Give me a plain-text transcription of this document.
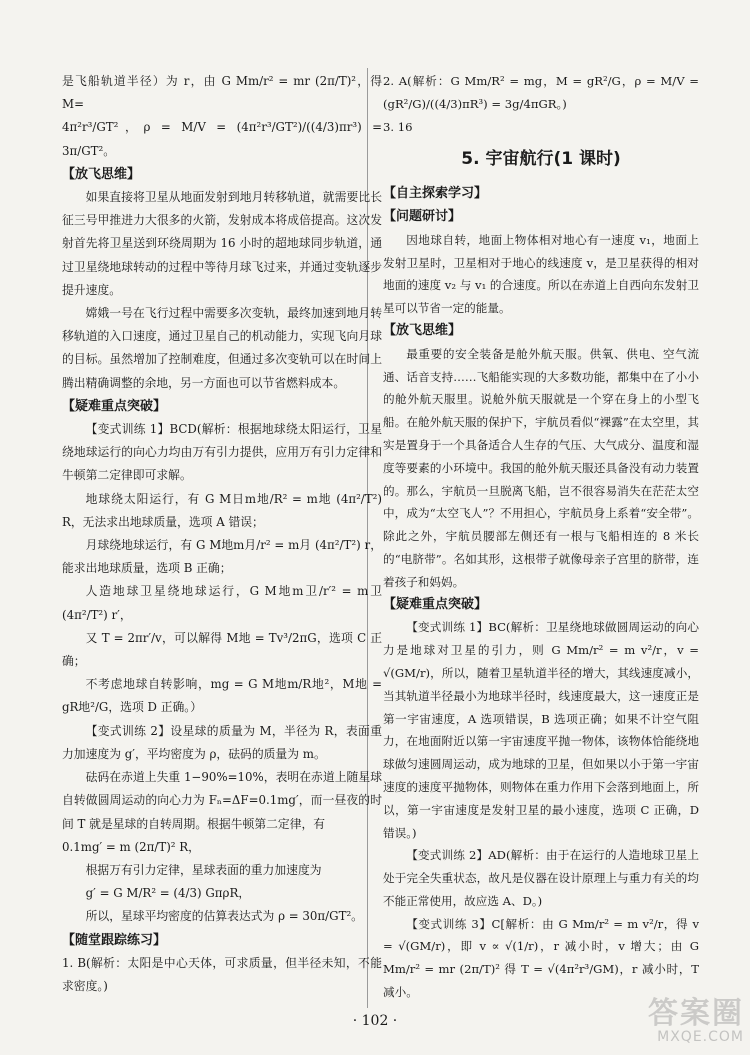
是飞船轨道半径）为 r，由 G Mm/r² = mr (2π/T)²，得 M=

4π²r³/GT²，ρ = M/V = (4π²r³/GT²)/((4/3)πr³) = 3π/GT²。

【放飞思维】

如果直接将卫星从地面发射到地月转移轨道，就需要比长征三号甲推进力大很多的火箭，发射成本将成倍提高。这次发射首先将卫星送到环绕周期为 16 小时的超地球同步轨道，通过卫星绕地球转动的过程中等待月球飞过来，并通过变轨逐步提升速度。

嫦娥一号在飞行过程中需要多次变轨，最终加速到地月转移轨道的入口速度，通过卫星自己的机动能力，实现飞向月球的目标。虽然增加了控制难度，但通过多次变轨可以在时间上腾出精确调整的余地，另一方面也可以节省燃料成本。

【疑难重点突破】

【变式训练 1】BCD(解析：根据地球绕太阳运行，卫星绕地球运行的向心力均由万有引力提供，应用万有引力定律和牛顿第二定律即可求解。

地球绕太阳运行，有 G M日m地/R² = m地 (4π²/T²) R，无法求出地球质量，选项 A 错误；

月球绕地球运行，有 G M地m月/r² = m月 (4π²/T²) r，能求出地球质量，选项 B 正确；

人造地球卫星绕地球运行，G M地m卫/r′² = m卫 (4π²/T²) r′，

又 T = 2πr′/v，可以解得 M地 = Tv³/2πG，选项 C 正确；

不考虑地球自转影响，mg = G M地m/R地²，M地 = gR地²/G，选项 D 正确。）

【变式训练 2】设星球的质量为 M，半径为 R，表面重力加速度为 g′，平均密度为 ρ，砝码的质量为 m。

砝码在赤道上失重 1−90%=10%，表明在赤道上随星球自转做圆周运动的向心力为 Fₙ=ΔF=0.1mg′，而一昼夜的时间 T 就是星球的自转周期。根据牛顿第二定律，有

0.1mg′ = m (2π/T)² R，

根据万有引力定律，星球表面的重力加速度为

g′ = G M/R² = (4/3) GπρR，

所以，星球平均密度的估算表达式为 ρ = 30π/GT²。

【随堂跟踪练习】

1. B(解析：太阳是中心天体，可求质量，但半径未知，不能求密度。)

2. A(解析：G Mm/R² = mg，M = gR²/G，ρ = M/V = (gR²/G)/((4/3)πR³) = 3g/4πGR。)

3. 16

5. 宇宙航行(1 课时)

【自主探索学习】

【问题研讨】

因地球自转，地面上物体相对地心有一速度 v₁，地面上发射卫星时，卫星相对于地心的线速度 v，是卫星获得的相对地面的速度 v₂ 与 v₁ 的合速度。所以在赤道上自西向东发射卫星可以节省一定的能量。

【放飞思维】

最重要的安全装备是舱外航天服。供氧、供电、空气流通、话音支持……飞船能实现的大多数功能，都集中在了小小的舱外航天服里。说舱外航天服就是一个穿在身上的小型飞船。在舱外航天服的保护下，宇航员看似“裸露”在太空里，其实是置身于一个具备适合人生存的气压、大气成分、温度和湿度等要素的小环境中。我国的舱外航天服还具备没有动力装置的。那么，宇航员一旦脱离飞船，岂不很容易消失在茫茫太空中，成为“太空飞人”？不用担心，宇航员身上系着“安全带”。除此之外，宇航员腰部左侧还有一根与飞船相连的 8 米长的“电脐带”。名如其形，这根带子就像母亲子宫里的脐带，连着孩子和妈妈。

【疑难重点突破】

【变式训练 1】BC(解析：卫星绕地球做圆周运动的向心力是地球对卫星的引力，则 G Mm/r² = m v²/r，v = √(GM/r)，所以，随着卫星轨道半径的增大，其线速度减小，当其轨道半径最小为地球半径时，线速度最大，这一速度正是第一宇宙速度，A 选项错误，B 选项正确；如果不计空气阻力，在地面附近以第一宇宙速度平抛一物体，该物体恰能绕地球做匀速圆周运动，成为地球的卫星，但如果以小于第一宇宙速度的速度平抛物体，则物体在重力作用下会落到地面上，所以，第一宇宙速度是发射卫星的最小速度，选项 C 正确，D 错误。)

【变式训练 2】AD(解析：由于在运行的人造地球卫星上处于完全失重状态，故凡是仪器在设计原理上与重力有关的均不能正常使用，故应选 A、D。)

【变式训练 3】C[解析：由 G Mm/r² = m v²/r，得 v = √(GM/r)，即 v ∝ √(1/r)，r 减小时，v 增大；由 G Mm/r² = mr (2π/T)² 得 T = √(4π²r³/GM)，r 减小时，T 减小。

· 102 ·	答案圈
MXQE.COM
